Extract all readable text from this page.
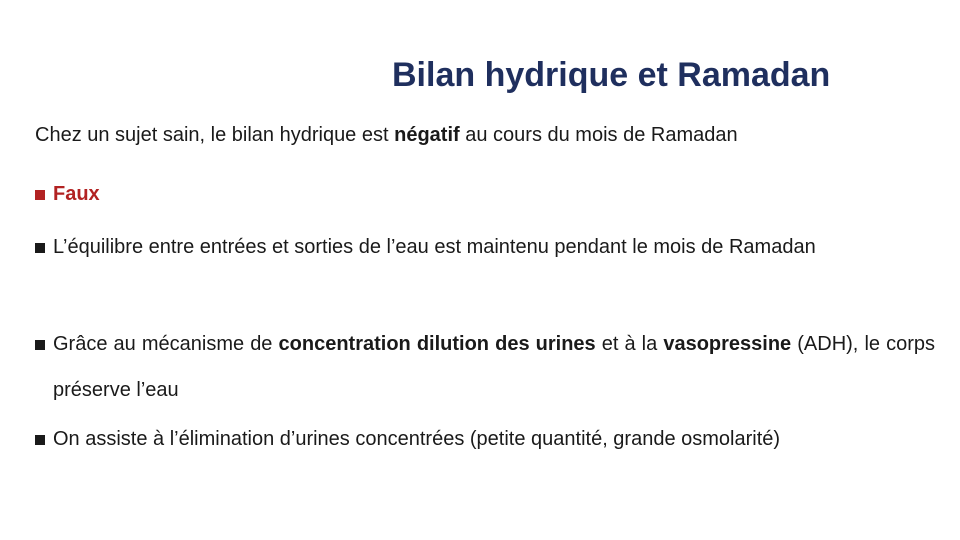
Bilan hydrique et Ramadan
Chez un sujet sain, le bilan hydrique est négatif au cours du mois de Ramadan
Faux
L’équilibre entre entrées et sorties de l’eau est maintenu pendant le mois de Ramadan
Grâce au mécanisme de concentration dilution des urines et à la vasopressine (ADH), le corps préserve l’eau
On assiste à l’élimination d’urines concentrées (petite quantité, grande osmolarité)
